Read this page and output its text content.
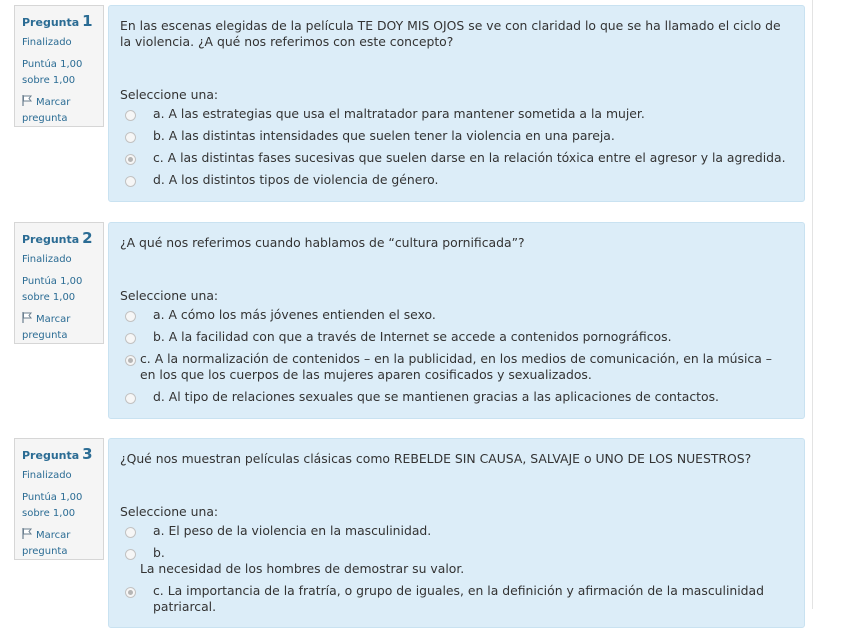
Pregunta 1
Finalizado
Puntúa 1,00
sobre 1,00
Marcar
pregunta
En las escenas elegidas de la película TE DOY MIS OJOS se ve con claridad lo que se ha llamado el ciclo de la violencia. ¿A qué nos referimos con este concepto?
Seleccione una:
a. A las estrategias que usa el maltratador para mantener sometida a la mujer.
b. A las distintas intensidades que suelen tener la violencia en una pareja.
c. A las distintas fases sucesivas que suelen darse en la relación tóxica entre el agresor y la agredida.
d. A los distintos tipos de violencia de género.
Pregunta 2
Finalizado
Puntúa 1,00
sobre 1,00
Marcar
pregunta
¿A qué nos referimos cuando hablamos de “cultura pornificada”?
Seleccione una:
a. A cómo los más jóvenes entienden el sexo.
b. A la facilidad con que a través de Internet se accede a contenidos pornográficos.
c. A la normalización de contenidos – en la publicidad, en los medios de comunicación, en la música – en los que los cuerpos de las mujeres aparen cosificados y sexualizados.
d. Al tipo de relaciones sexuales que se mantienen gracias a las aplicaciones de contactos.
Pregunta 3
Finalizado
Puntúa 1,00
sobre 1,00
Marcar
pregunta
¿Qué nos muestran películas clásicas como REBELDE SIN CAUSA, SALVAJE o UNO DE LOS NUESTROS?
Seleccione una:
a. El peso de la violencia en la masculinidad.
b.
La necesidad de los hombres de demostrar su valor.
c. La importancia de la fratría, o grupo de iguales, en la definición y afirmación de la masculinidad patriarcal.
